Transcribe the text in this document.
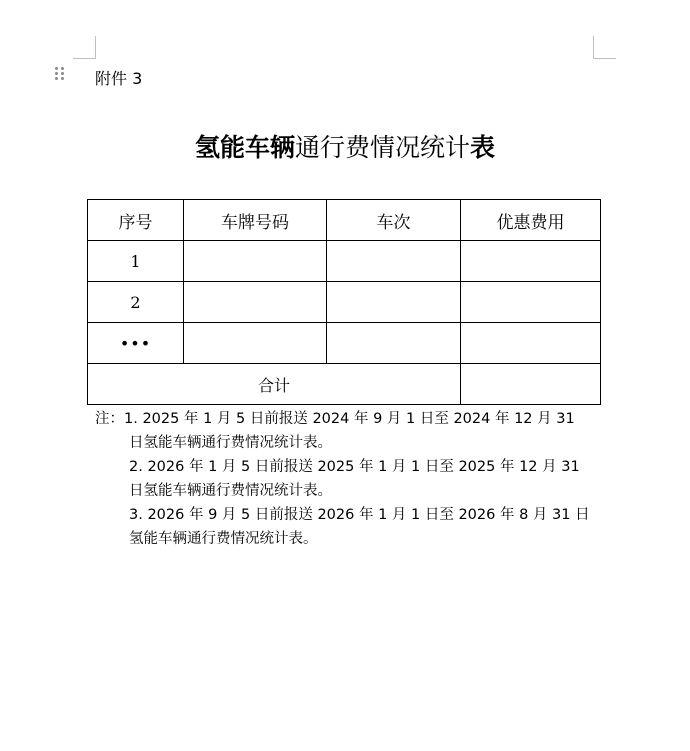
附件 3
氢能车辆通行费情况统计表
序号	车牌号码	车次	优惠费用
1			
2			
•••			
合计			
注：1. 2025 年 1 月 5 日前报送 2024 年 9 月 1 日至 2024 年 12 月 31
日氢能车辆通行费情况统计表。
2. 2026 年 1 月 5 日前报送 2025 年 1 月 1 日至 2025 年 12 月 31
日氢能车辆通行费情况统计表。
3. 2026 年 9 月 5 日前报送 2026 年 1 月 1 日至 2026 年 8 月 31 日
氢能车辆通行费情况统计表。
